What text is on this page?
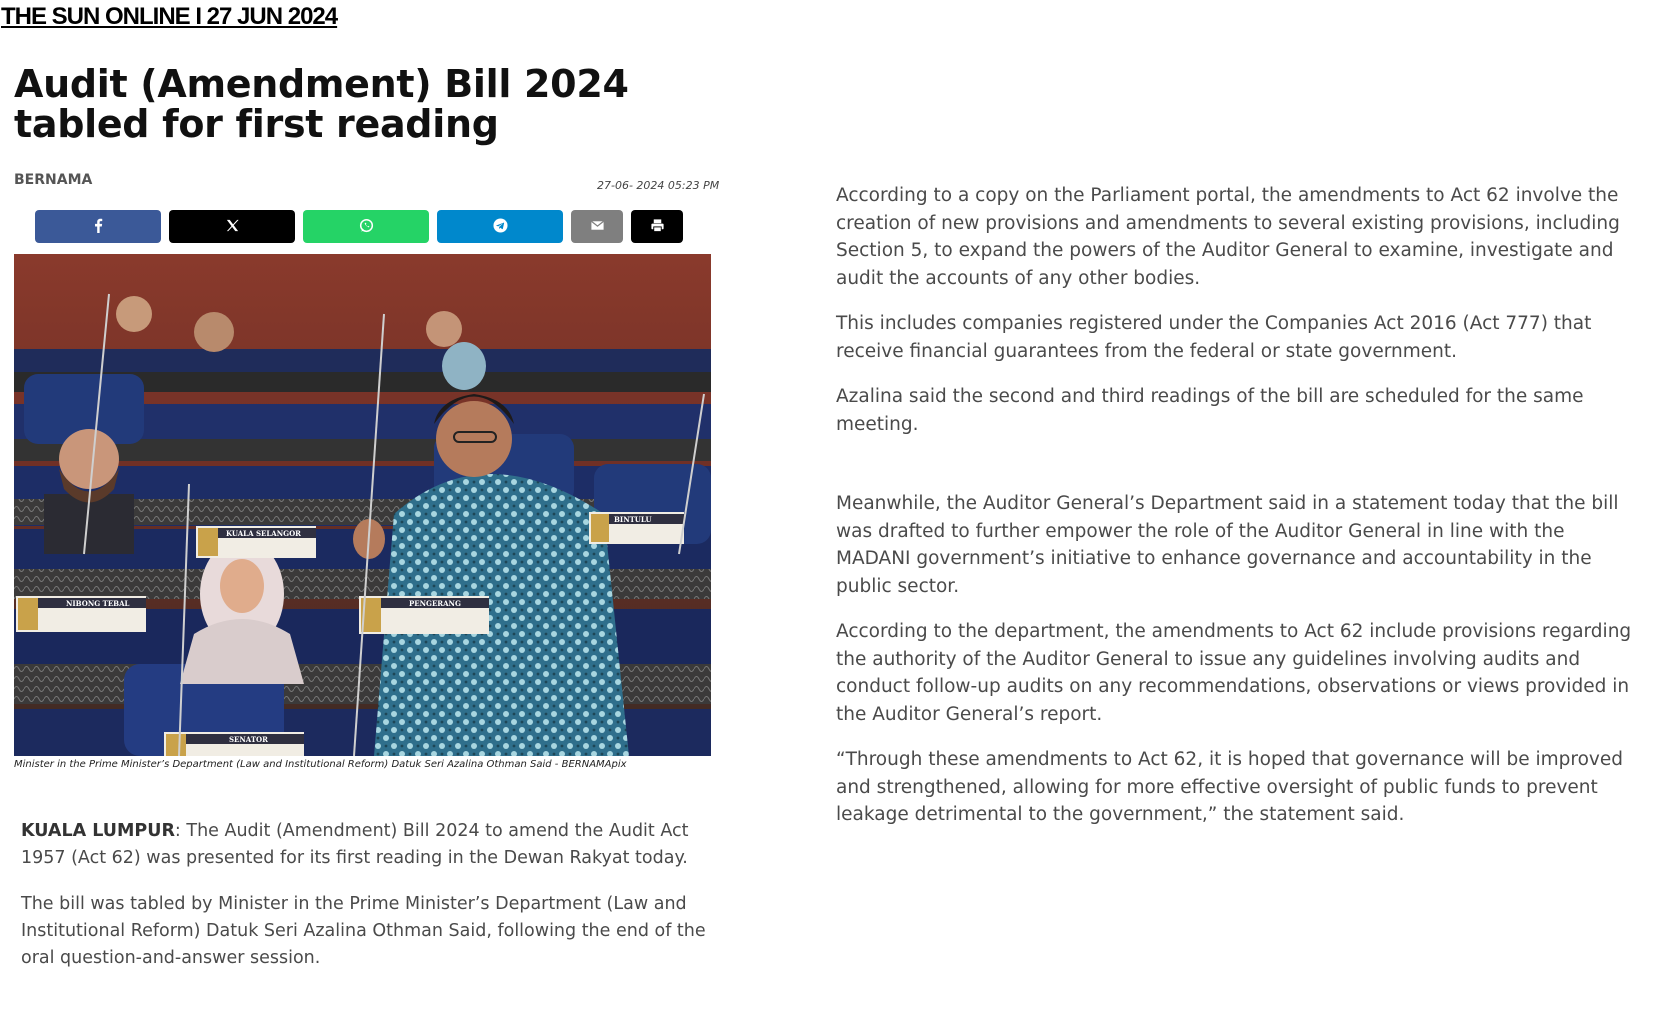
THE SUN ONLINE I 27 JUN 2024
Audit (Amendment) Bill 2024 tabled for first reading
BERNAMA	27-06- 2024 05:23 PM
KUALA SELANGOR
PENGERANG
NIBONG TEBAL
BINTULU
SENATOR
Minister in the Prime Minister’s Department (Law and Institutional Reform) Datuk Seri Azalina Othman Said - BERNAMApix

KUALA LUMPUR: The Audit (Amendment) Bill 2024 to amend the Audit Act 1957 (Act 62) was presented for its first reading in the Dewan Rakyat today.

The bill was tabled by Minister in the Prime Minister’s Department (Law and Institutional Reform) Datuk Seri Azalina Othman Said, following the end of the oral question-and-answer session.

According to a copy on the Parliament portal, the amendments to Act 62 involve the creation of new provisions and amendments to several existing provisions, including Section 5, to expand the powers of the Auditor General to examine, investigate and audit the accounts of any other bodies.

This includes companies registered under the Companies Act 2016 (Act 777) that receive financial guarantees from the federal or state government.

Azalina said the second and third readings of the bill are scheduled for the same meeting.

Meanwhile, the Auditor General’s Department said in a statement today that the bill was drafted to further empower the role of the Auditor General in line with the MADANI government’s initiative to enhance governance and accountability in the public sector.

According to the department, the amendments to Act 62 include provisions regarding the authority of the Auditor General to issue any guidelines involving audits and conduct follow-up audits on any recommendations, observations or views provided in the Auditor General’s report.

“Through these amendments to Act 62, it is hoped that governance will be improved and strengthened, allowing for more effective oversight of public funds to prevent leakage detrimental to the government,” the statement said.
